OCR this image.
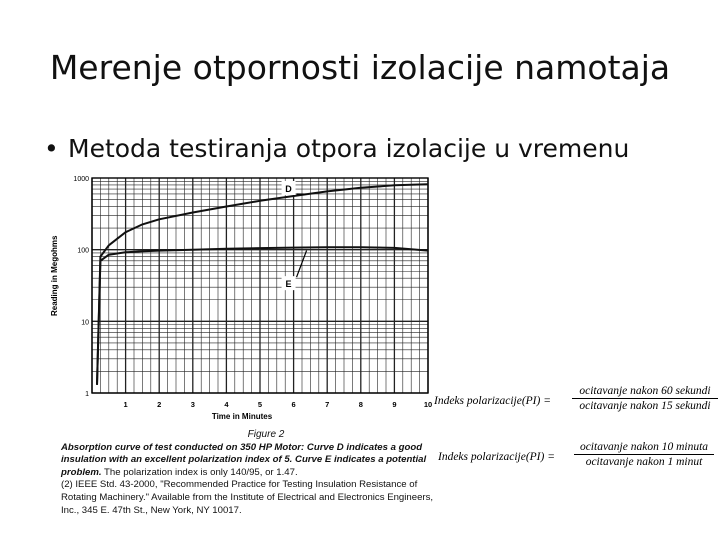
Merenje otpornosti izolacije namotaja
• Metoda testiranja otpora izolacije u vremenu
1
10
100
1000
1	2	3	4	5	6	7	8	9	10
Time in Minutes
D
E
Reading in Megohms

Figure 2

Absorption curve of test conducted on 350 HP Motor: Curve D indicates a good insulation with an excellent polarization index of 5. Curve E indicates a potential problem. The polarization index is only 140/95, or 1.47.

(2) IEEE Std. 43-2000, "Recommended Practice for Testing Insulation Resistance of Rotating Machinery." Available from the Institute of Electrical and Electronics Engineers, Inc., 345 E. 47th St., New York, NY 10017.

Indeks polarizacije(PI) =
ocitavanje nakon 60 sekundi
ocitavanje nakon 15 sekundi
Indeks polarizacije(PI) =
ocitavanje nakon 10 minuta
ocitavanje nakon 1 minut
